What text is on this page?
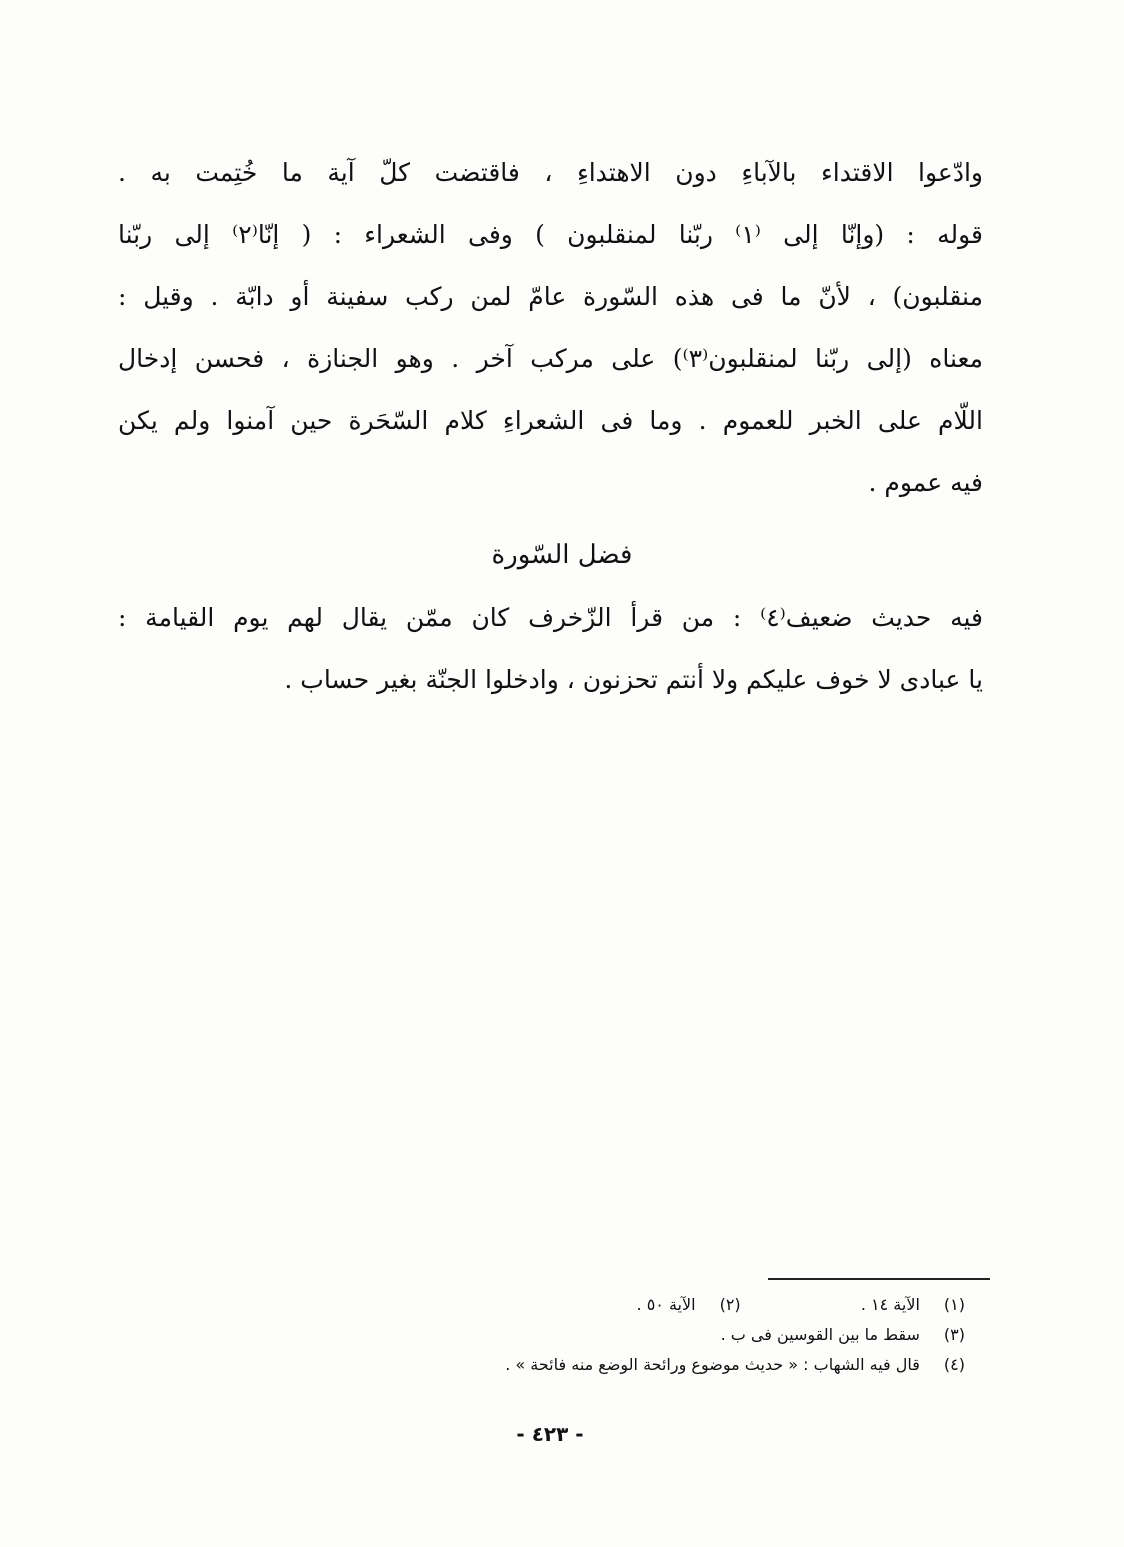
وادّعوا الاقتداء بالآباءِ دون الاهتداءِ ، فاقتضت كلّ آية ما خُتِمت به .
قوله : (وإنّا إلى ⁽١⁾ ربّنا لمنقلبون ) وفى الشعراء : ( إنّا⁽٢⁾ إلى ربّنا
منقلبون) ، لأنّ ما فى هذه السّورة عامّ لمن ركب سفينة أو دابّة . وقيل :
معناه (إلى ربّنا لمنقلبون⁽٣⁾) على مركب آخر . وهو الجنازة ، فحسن إدخال
اللّام على الخبر للعموم . وما فى الشعراءِ كلام السّحَرة حين آمنوا ولم يكن
فيه عموم .
فضل السّورة
فيه حديث ضعيف⁽٤⁾ : من قرأ الزّخرف كان ممّن يقال لهم يوم القيامة :
يا عبادى لا خوف عليكم ولا أنتم تحزنون ، وادخلوا الجنّة بغير حساب .
(١) الآية ١٤ .  (٢) الآية ٥٠ .
(٣) سقط ما بين القوسين فى ب .
(٤) قال فيه الشهاب : « حديث موضوع ورائحة الوضع منه فائحة » .
- ٤٢٣ -
